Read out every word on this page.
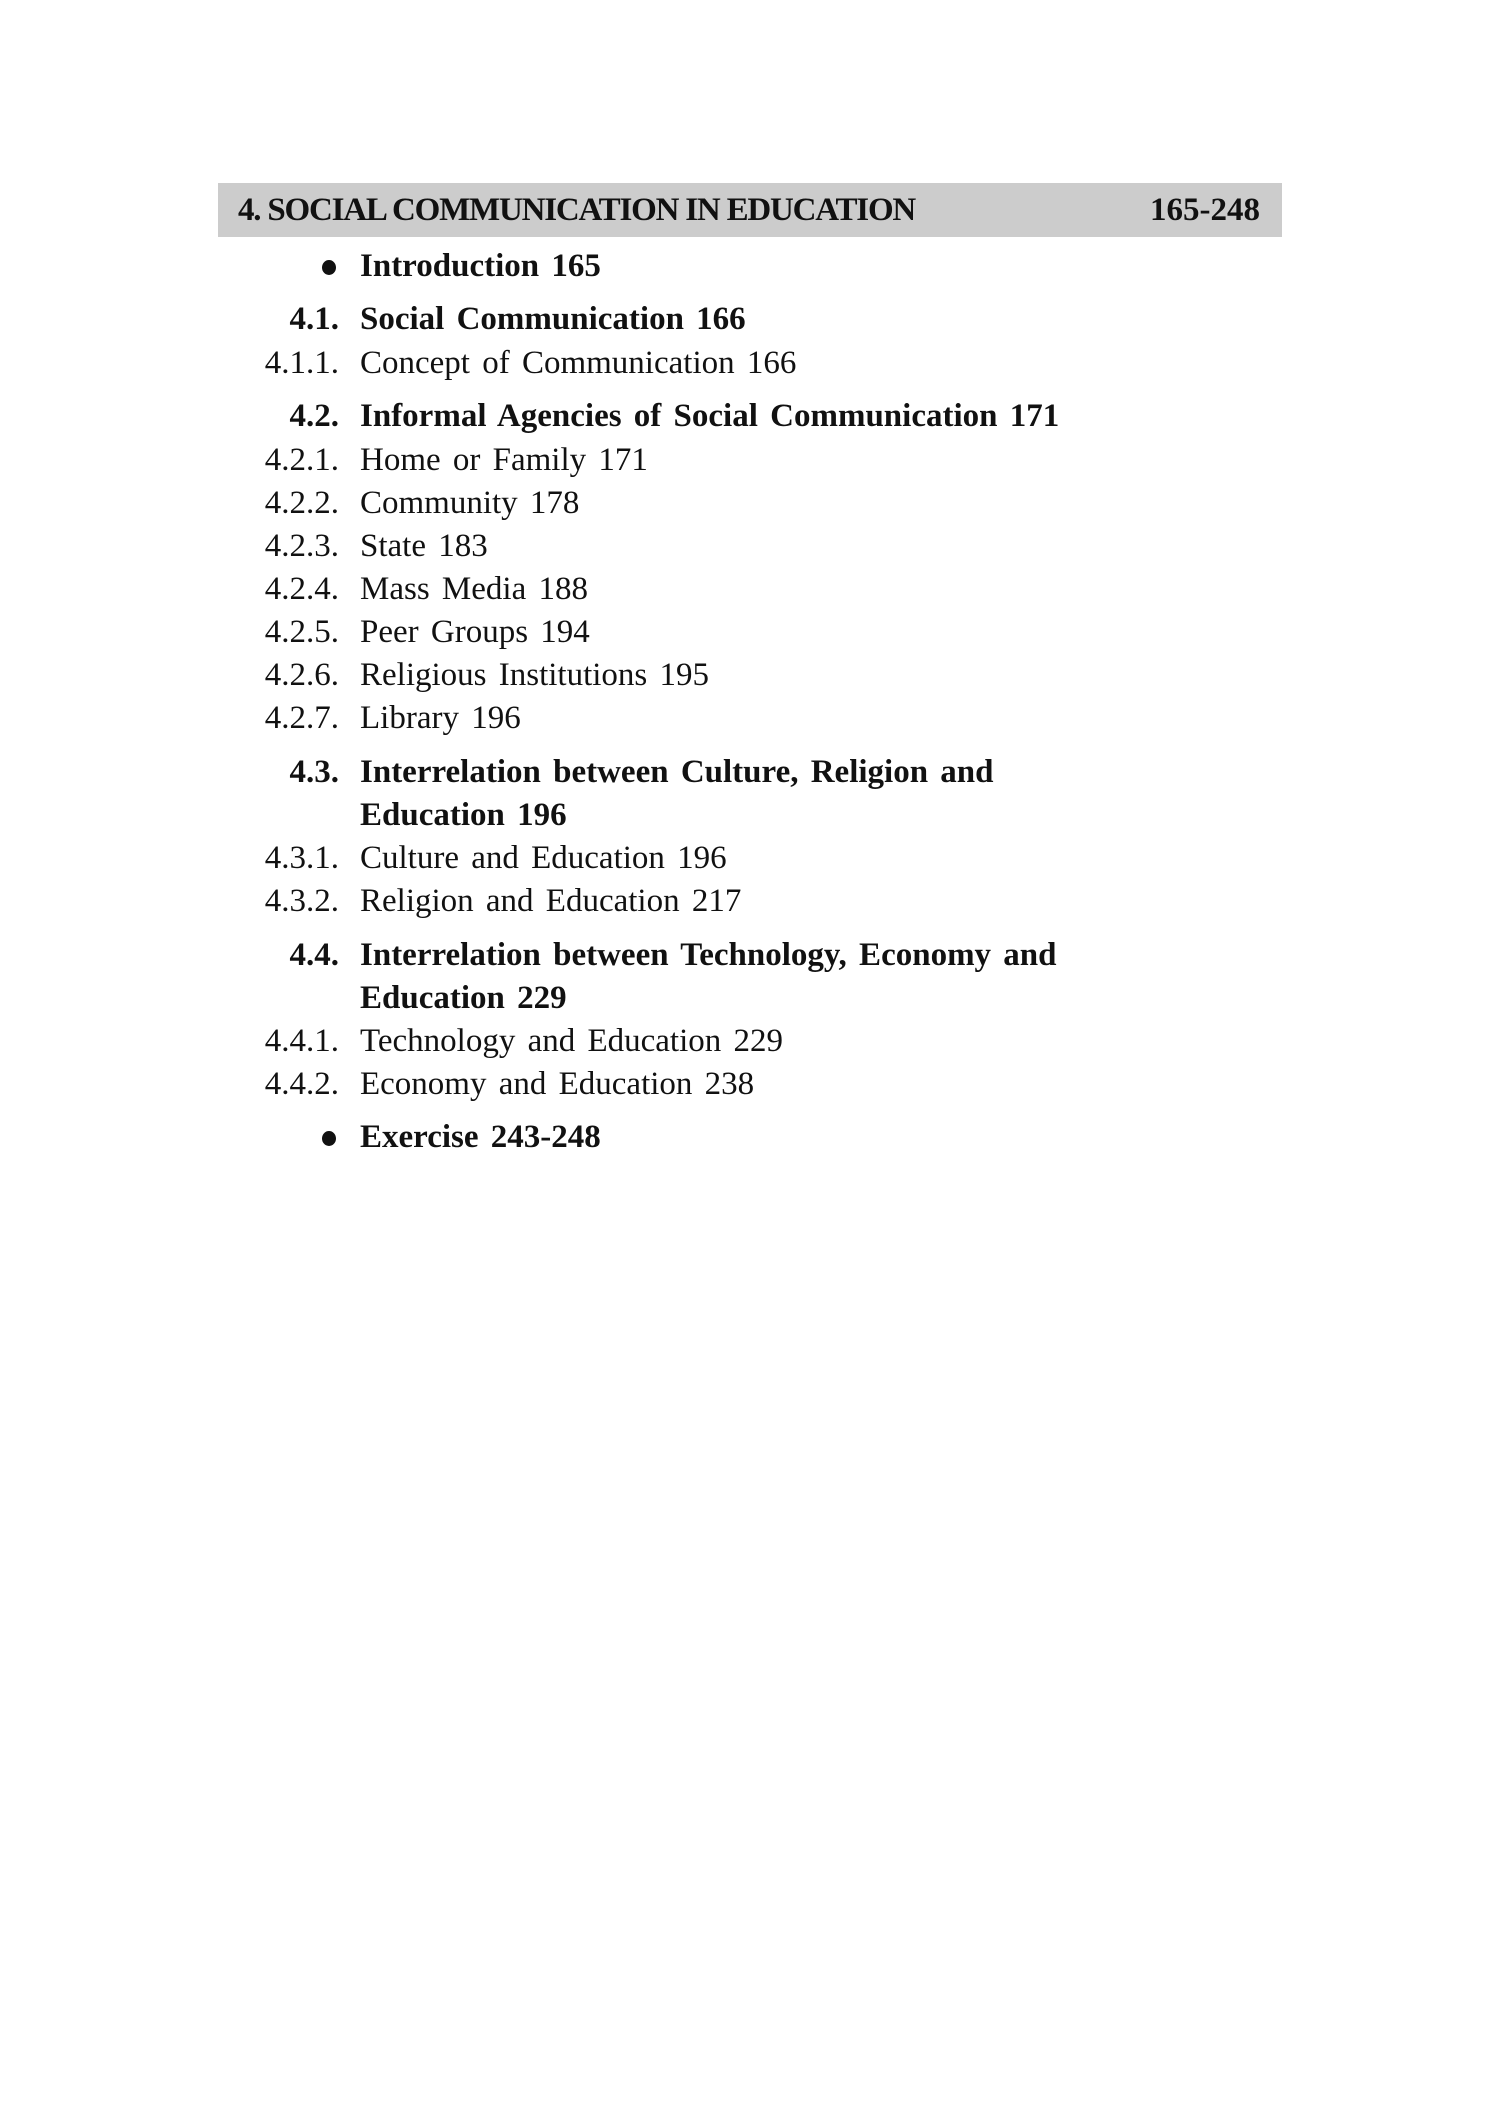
4. SOCIAL COMMUNICATION IN EDUCATION	165-248
Introduction 165
4.1. Social Communication 166
4.1.1. Concept of Communication 166
4.2. Informal Agencies of Social Communication 171
4.2.1. Home or Family 171
4.2.2. Community 178
4.2.3. State 183
4.2.4. Mass Media 188
4.2.5. Peer Groups 194
4.2.6. Religious Institutions 195
4.2.7. Library 196
4.3. Interrelation between Culture, Religion and
Education 196
4.3.1. Culture and Education 196
4.3.2. Religion and Education 217
4.4. Interrelation between Technology, Economy and
Education 229
4.4.1. Technology and Education 229
4.4.2. Economy and Education 238
Exercise 243-248
